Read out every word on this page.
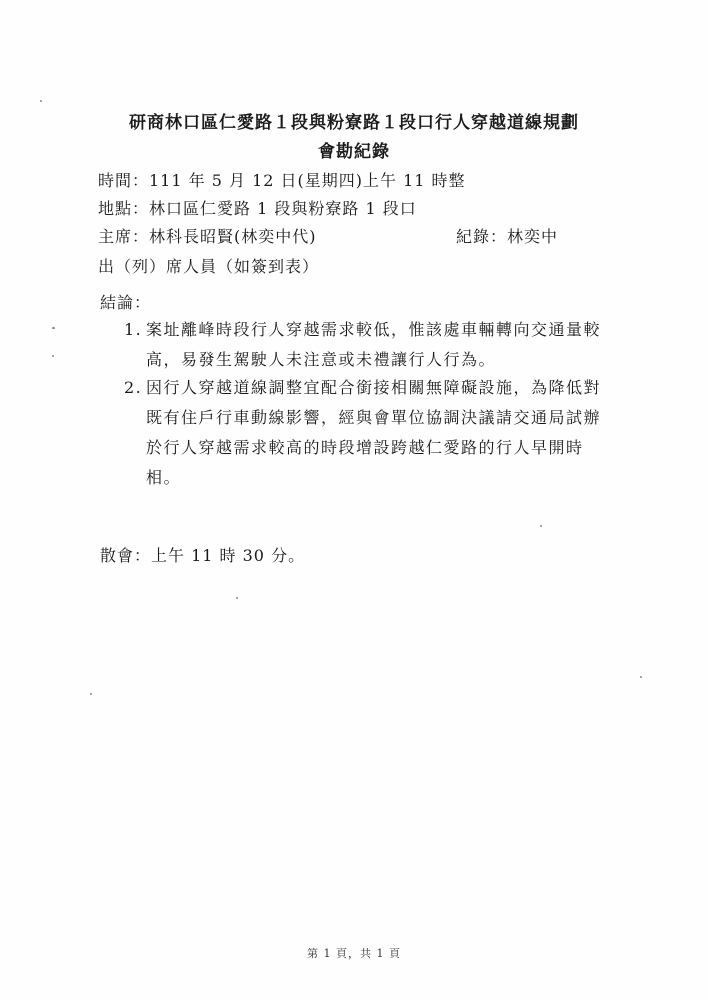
研商林口區仁愛路１段與粉寮路１段口行人穿越道線規劃
會勘紀錄
時間：111 年 5 月 12 日(星期四)上午 11 時整
地點：林口區仁愛路 1 段與粉寮路 1 段口
主席：林科長昭賢(林奕中代)	紀錄：林奕中
出（列）席人員（如簽到表）
結論：
1. 案址離峰時段行人穿越需求較低，惟該處車輛轉向交通量較高，易發生駕駛人未注意或未禮讓行人行為。
2. 因行人穿越道線調整宜配合銜接相關無障礙設施，為降低對既有住戶行車動線影響，經與會單位協調決議請交通局試辦於行人穿越需求較高的時段增設跨越仁愛路的行人早開時相。
散會：上午 11 時 30 分。
第 1 頁，共 1 頁
